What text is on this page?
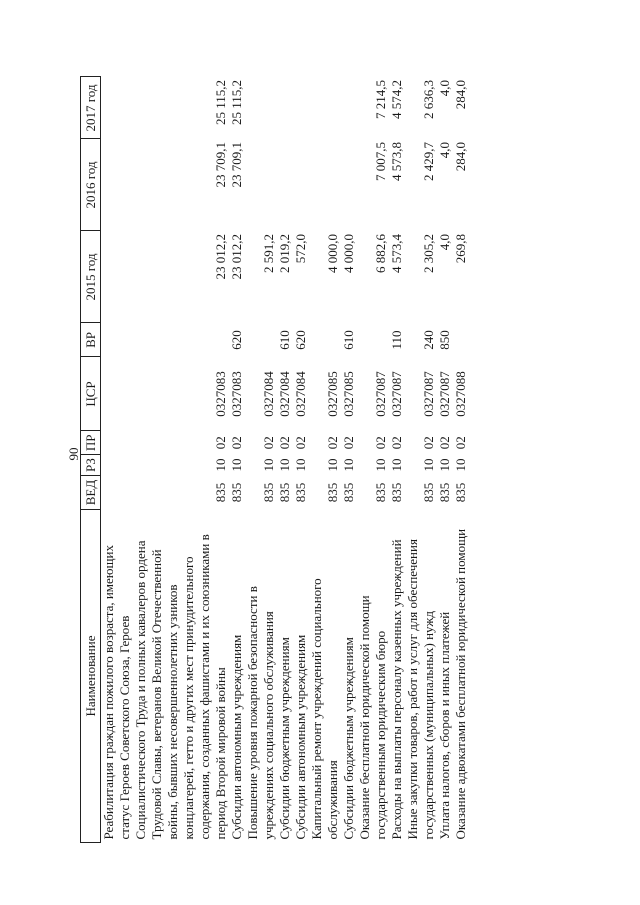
90
Наименование	ВЕД	РЗ	ПР	ЦСР	ВР	2015 год	2016 год	2017 год
Реабилитация граждан пожилого возраста, имеющих статус Героев Советского Союза, Героев Социалистического Труда и полных кавалеров ордена Трудовой Славы, ветеранов Великой Отечественной войны, бывших несовершеннолетних узников концлагерей, гетто и других мест принудительного содержания, созданных фашистами и их союзниками в период Второй мировой войны	835	10	02	0327083		23 012,2	23 709,1	25 115,2
Субсидии автономным учреждениям	835	10	02	0327083	620	23 012,2	23 709,1	25 115,2
Повышение уровня пожарной безопасности в учреждениях социального обслуживания	835	10	02	0327084		2 591,2		
Субсидии бюджетным учреждениям	835	10	02	0327084	610	2 019,2		
Субсидии автономным учреждениям	835	10	02	0327084	620	572,0		
Капитальный ремонт учреждений социального обслуживания	835	10	02	0327085		4 000,0		
Субсидии бюджетным учреждениям	835	10	02	0327085	610	4 000,0		
Оказание бесплатной юридической помощи государственным юридическим бюро	835	10	02	0327087		6 882,6	7 007,5	7 214,5
Расходы на выплаты персоналу казенных учреждений	835	10	02	0327087	110	4 573,4	4 573,8	4 574,2
Иные закупки товаров, работ и услуг для обеспечения государственных (муниципальных) нужд	835	10	02	0327087	240	2 305,2	2 429,7	2 636,3
Уплата налогов, сборов и иных платежей	835	10	02	0327087	850	4,0	4,0	4,0
Оказание адвокатами бесплатной юридической помощи	835	10	02	0327088		269,8	284,0	284,0
